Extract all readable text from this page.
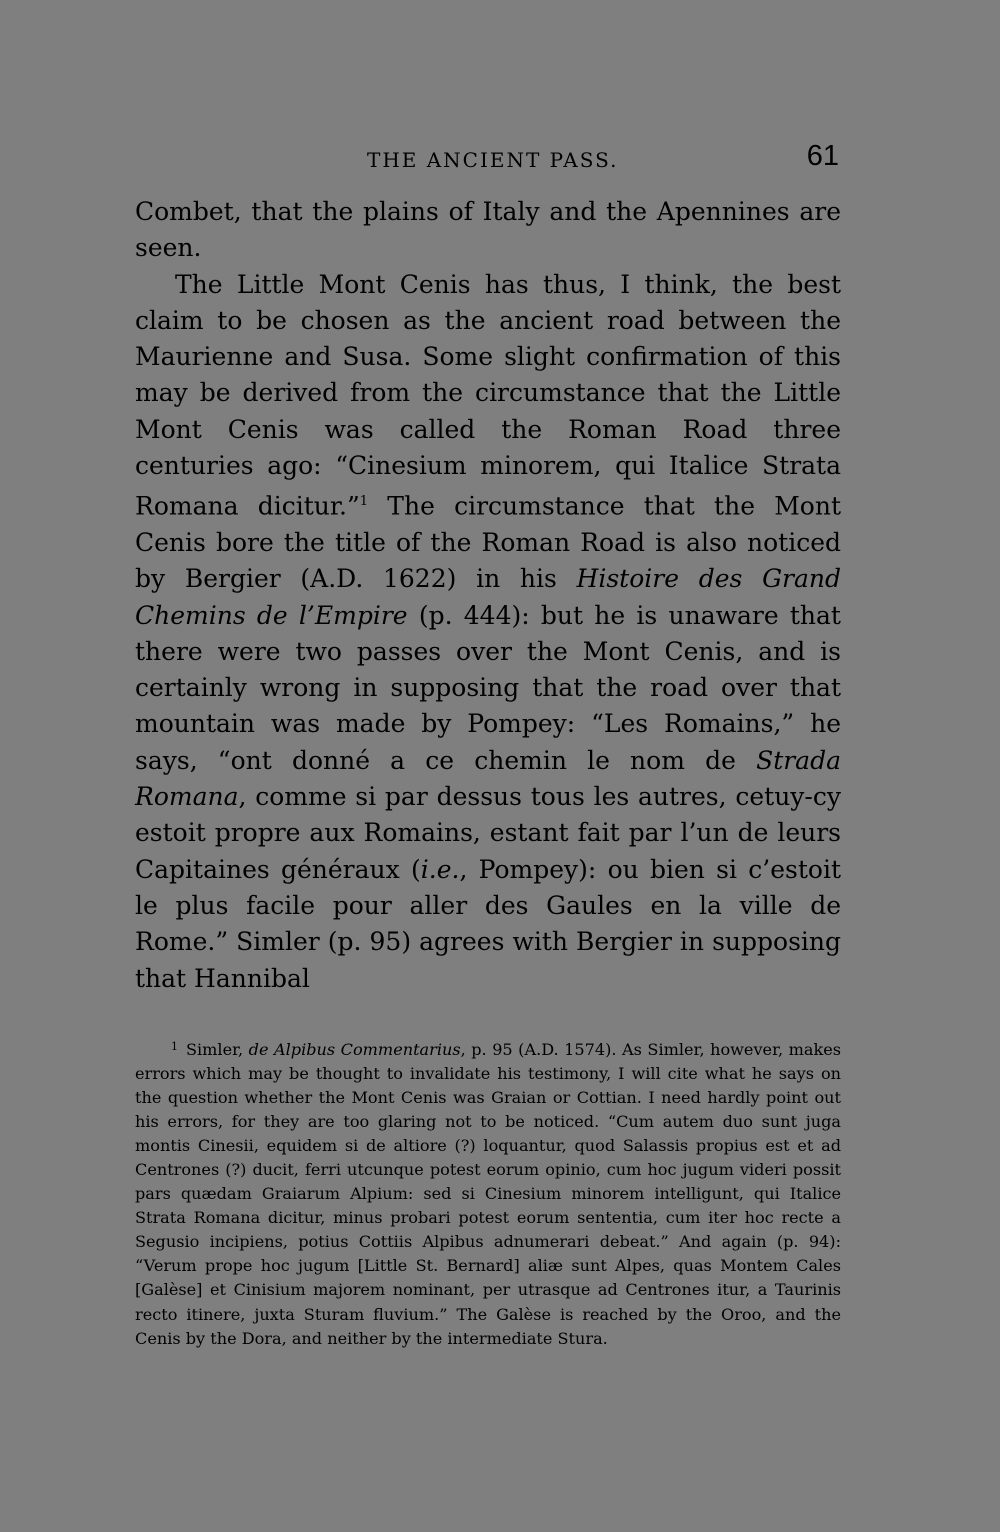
THE ANCIENT PASS.	61

Combet, that the plains of Italy and the Apennines are seen.

The Little Mont Cenis has thus, I think, the best claim to be chosen as the ancient road between the Maurienne and Susa. Some slight confirmation of this may be derived from the circumstance that the Little Mont Cenis was called the Roman Road three centuries ago: “Cinesium minorem, qui Italice Strata Romana dicitur.”$^1$ The circumstance that the Mont Cenis bore the title of the Roman Road is also noticed by Bergier (A.D. 1622) in his Histoire des Grand Chemins de l’Empire (p. 444): but he is unaware that there were two passes over the Mont Cenis, and is certainly wrong in supposing that the road over that mountain was made by Pompey: “Les Romains,” he says, “ont donné a ce chemin le nom de Strada Romana, comme si par dessus tous les autres, cetuy-cy estoit propre aux Romains, estant fait par l’un de leurs Capitaines généraux (i.e., Pompey): ou bien si c’estoit le plus facile pour aller des Gaules en la ville de Rome.” Simler (p. 95) agrees with Bergier in supposing that Hannibal

$^1$ Simler, de Alpibus Commentarius, p. 95 (A.D. 1574). As Simler, however, makes errors which may be thought to invalidate his testimony, I will cite what he says on the question whether the Mont Cenis was Graian or Cottian. I need hardly point out his errors, for they are too glaring not to be noticed. “Cum autem duo sunt juga montis Cinesii, equidem si de altiore (?) loquantur, quod Salassis propius est et ad Centrones (?) ducit, ferri utcunque potest eorum opinio, cum hoc jugum videri possit pars quædam Graiarum Alpium: sed si Cinesium minorem intelligunt, qui Italice Strata Romana dicitur, minus probari potest eorum sententia, cum iter hoc recte a Segusio incipiens, potius Cottiis Alpibus adnumerari debeat.” And again (p. 94): “Verum prope hoc jugum [Little St. Bernard] aliæ sunt Alpes, quas Montem Cales [Galèse] et Cinisium majorem nominant, per utrasque ad Centrones itur, a Taurinis recto itinere, juxta Sturam fluvium.” The Galèse is reached by the Oroo, and the Cenis by the Dora, and neither by the intermediate Stura.
